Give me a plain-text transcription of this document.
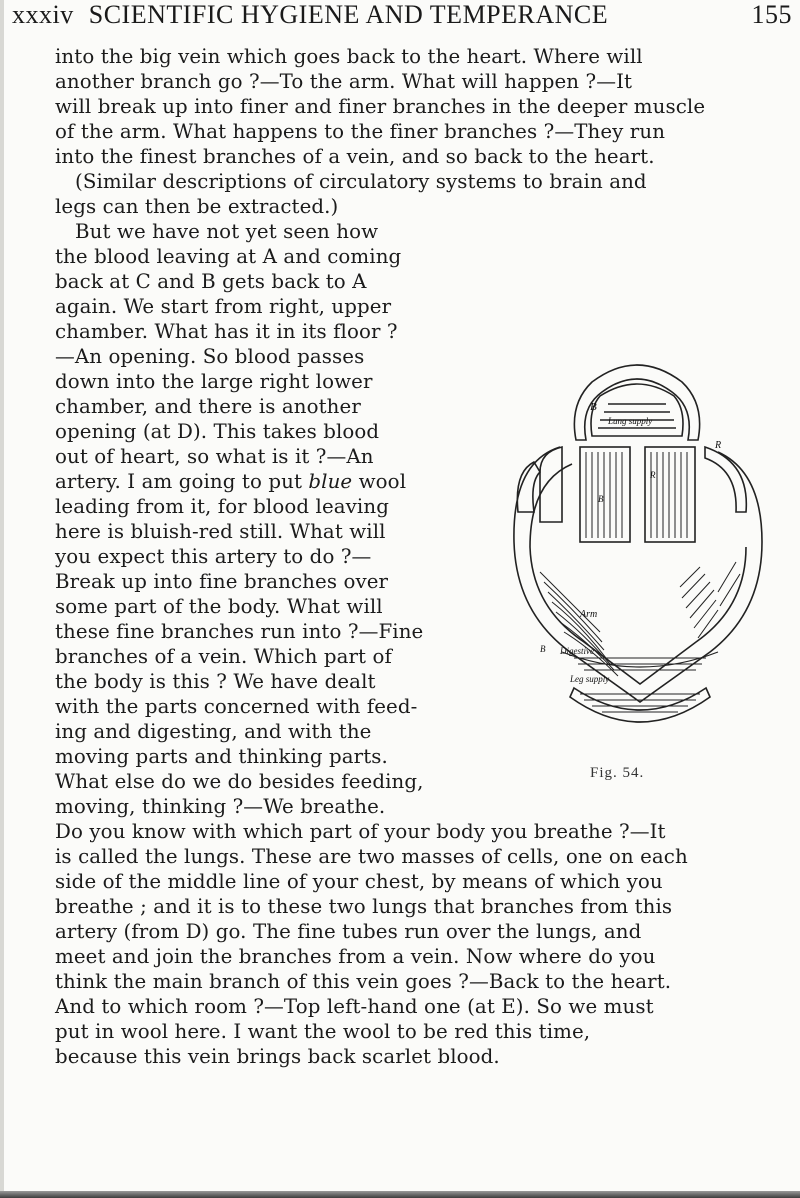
xxxiv SCIENTIFIC HYGIENE AND TEMPERANCE	155
into the big vein which goes back to the heart. Where will
another branch go ?—To the arm. What will happen ?—It
will break up into finer and finer branches in the deeper muscle
of the arm. What happens to the finer branches ?—They run
into the finest branches of a vein, and so back to the heart.
(Similar descriptions of circulatory systems to brain and
legs can then be extracted.)
But we have not yet seen how
the blood leaving at A and coming
back at C and B gets back to A
again. We start from right, upper
chamber. What has it in its floor ?
—An opening. So blood passes
down into the large right lower
chamber, and there is another
opening (at D). This takes blood
out of heart, so what is it ?—An
artery. I am going to put blue wool
leading from it, for blood leaving
here is bluish-red still. What will
you expect this artery to do ?—
Break up into fine branches over
some part of the body. What will
these fine branches run into ?—Fine
branches of a vein. Which part of
the body is this ? We have dealt
with the parts concerned with feed-
ing and digesting, and with the
moving parts and thinking parts.
What else do we do besides feeding,
moving, thinking ?—We breathe.
Do you know with which part of your body you breathe ?—It
is called the lungs. These are two masses of cells, one on each
side of the middle line of your chest, by means of which you
breathe ; and it is to these two lungs that branches from this
artery (from D) go. The fine tubes run over the lungs, and
meet and join the branches from a vein. Now where do you
think the main branch of this vein goes ?—Back to the heart.
And to which room ?—Top left-hand one (at E). So we must
put in wool here. I want the wool to be red this time,
because this vein brings back scarlet blood.
B
Lung supply
R
R
B
Arm
B Digestive
Leg supply
Fig. 54.
